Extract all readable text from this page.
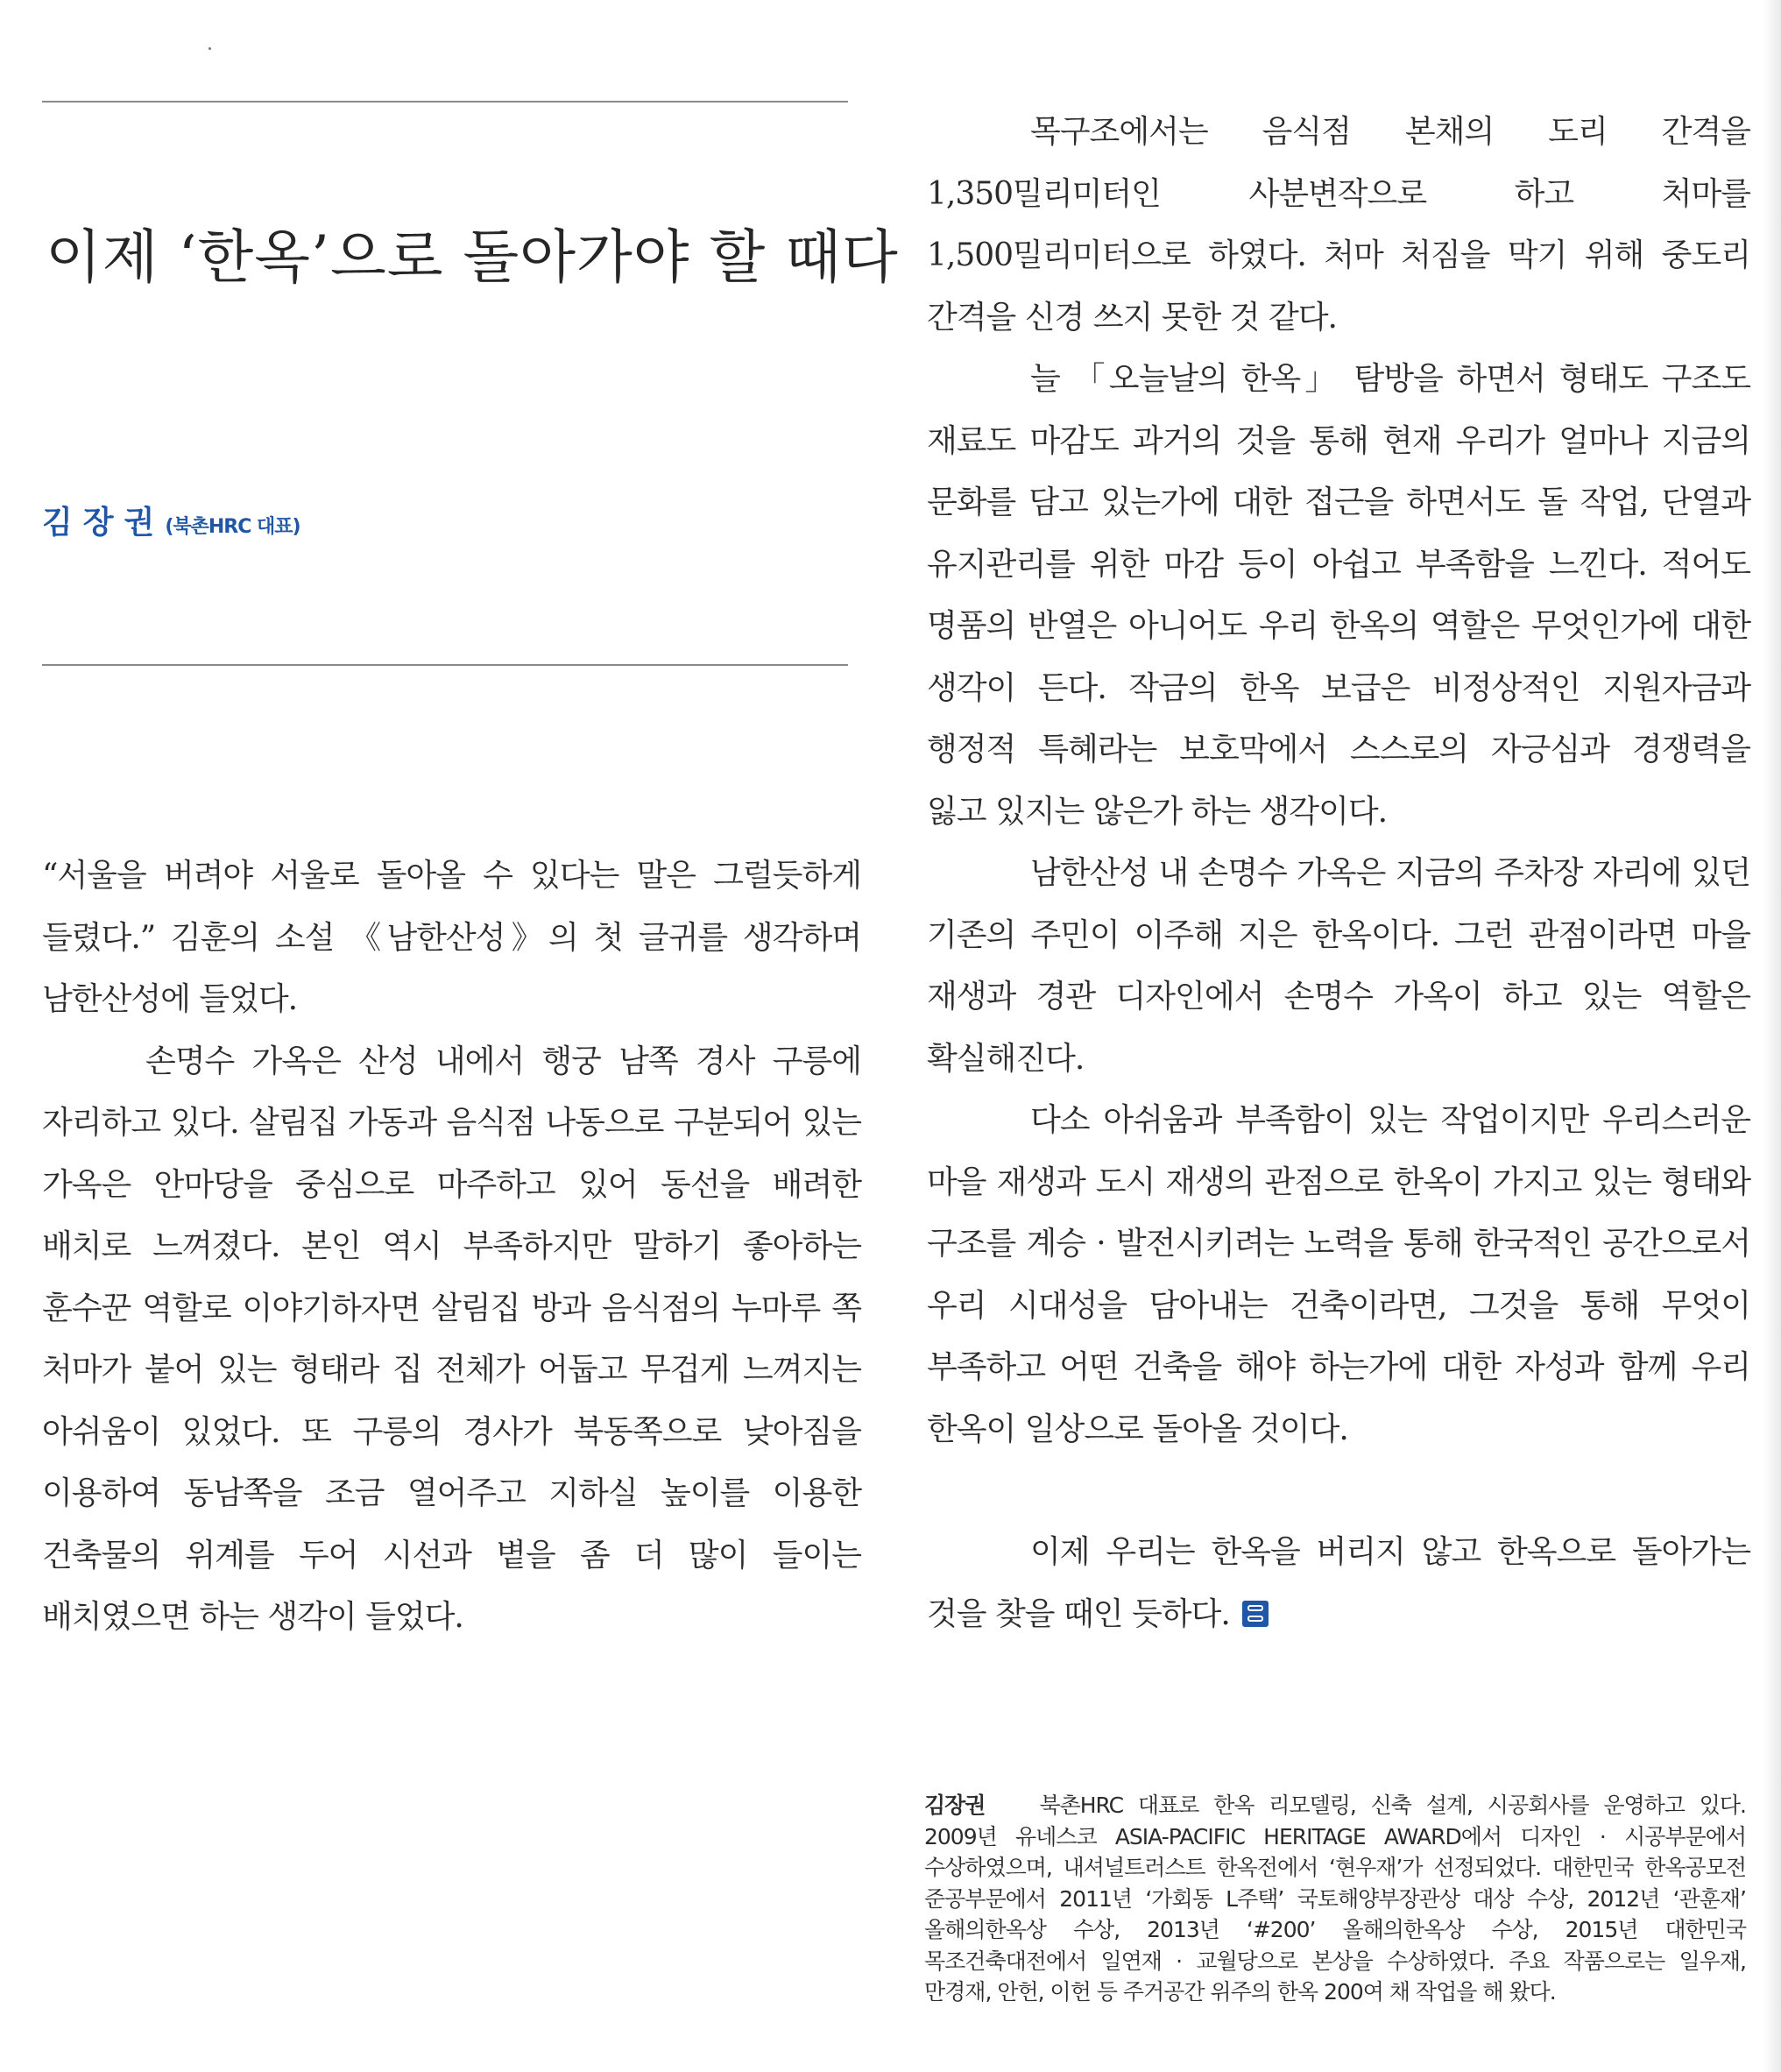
이제 ‘한옥’으로 돌아가야 할 때다
김장권(북촌HRC 대표)

“서울을 버려야 서울로 돌아올 수 있다는 말은 그럴듯하게 들렸다.” 김훈의 소설 《남한산성》의 첫 글귀를 생각하며 남한산성에 들었다.

손명수 가옥은 산성 내에서 행궁 남쪽 경사 구릉에 자리하고 있다. 살림집 가동과 음식점 나동으로 구분되어 있는 가옥은 안마당을 중심으로 마주하고 있어 동선을 배려한 배치로 느껴졌다. 본인 역시 부족하지만 말하기 좋아하는 훈수꾼 역할로 이야기하자면 살림집 방과 음식점의 누마루 쪽 처마가 붙어 있는 형태라 집 전체가 어둡고 무겁게 느껴지는 아쉬움이 있었다. 또 구릉의 경사가 북동쪽으로 낮아짐을 이용하여 동남쪽을 조금 열어주고 지하실 높이를 이용한 건축물의 위계를 두어 시선과 볕을 좀 더 많이 들이는 배치였으면 하는 생각이 들었다.

목구조에서는 음식점 본채의 도리 간격을 1,350밀리미터인 사분변작으로 하고 처마를 1,500밀리미터으로 하였다. 처마 처짐을 막기 위해 중도리 간격을 신경 쓰지 못한 것 같다.

늘 「오늘날의 한옥」 탐방을 하면서 형태도 구조도 재료도 마감도 과거의 것을 통해 현재 우리가 얼마나 지금의 문화를 담고 있는가에 대한 접근을 하면서도 돌 작업, 단열과 유지관리를 위한 마감 등이 아쉽고 부족함을 느낀다. 적어도 명품의 반열은 아니어도 우리 한옥의 역할은 무엇인가에 대한 생각이 든다. 작금의 한옥 보급은 비정상적인 지원자금과 행정적 특혜라는 보호막에서 스스로의 자긍심과 경쟁력을 잃고 있지는 않은가 하는 생각이다.

남한산성 내 손명수 가옥은 지금의 주차장 자리에 있던 기존의 주민이 이주해 지은 한옥이다. 그런 관점이라면 마을 재생과 경관 디자인에서 손명수 가옥이 하고 있는 역할은 확실해진다.

다소 아쉬움과 부족함이 있는 작업이지만 우리스러운 마을 재생과 도시 재생의 관점으로 한옥이 가지고 있는 형태와 구조를 계승 · 발전시키려는 노력을 통해 한국적인 공간으로서 우리 시대성을 담아내는 건축이라면, 그것을 통해 무엇이 부족하고 어떤 건축을 해야 하는가에 대한 자성과 함께 우리 한옥이 일상으로 돌아올 것이다.

이제 우리는 한옥을 버리지 않고 한옥으로 돌아가는 것을 찾을 때인 듯하다.

김장권 북촌HRC 대표로 한옥 리모델링, 신축 설계, 시공회사를 운영하고 있다. 2009년 유네스코 ASIA-PACIFIC HERITAGE AWARD에서 디자인 · 시공부문에서 수상하였으며, 내셔널트러스트 한옥전에서 ‘현우재’가 선정되었다. 대한민국 한옥공모전 준공부문에서 2011년 ‘가회동 L주택’ 국토해양부장관상 대상 수상, 2012년 ‘관훈재’ 올해의한옥상 수상, 2013년 ‘#200’ 올해의한옥상 수상, 2015년 대한민국 목조건축대전에서 일연재 · 교월당으로 본상을 수상하였다. 주요 작품으로는 일우재, 만경재, 안헌, 이헌 등 주거공간 위주의 한옥 200여 채 작업을 해 왔다.
